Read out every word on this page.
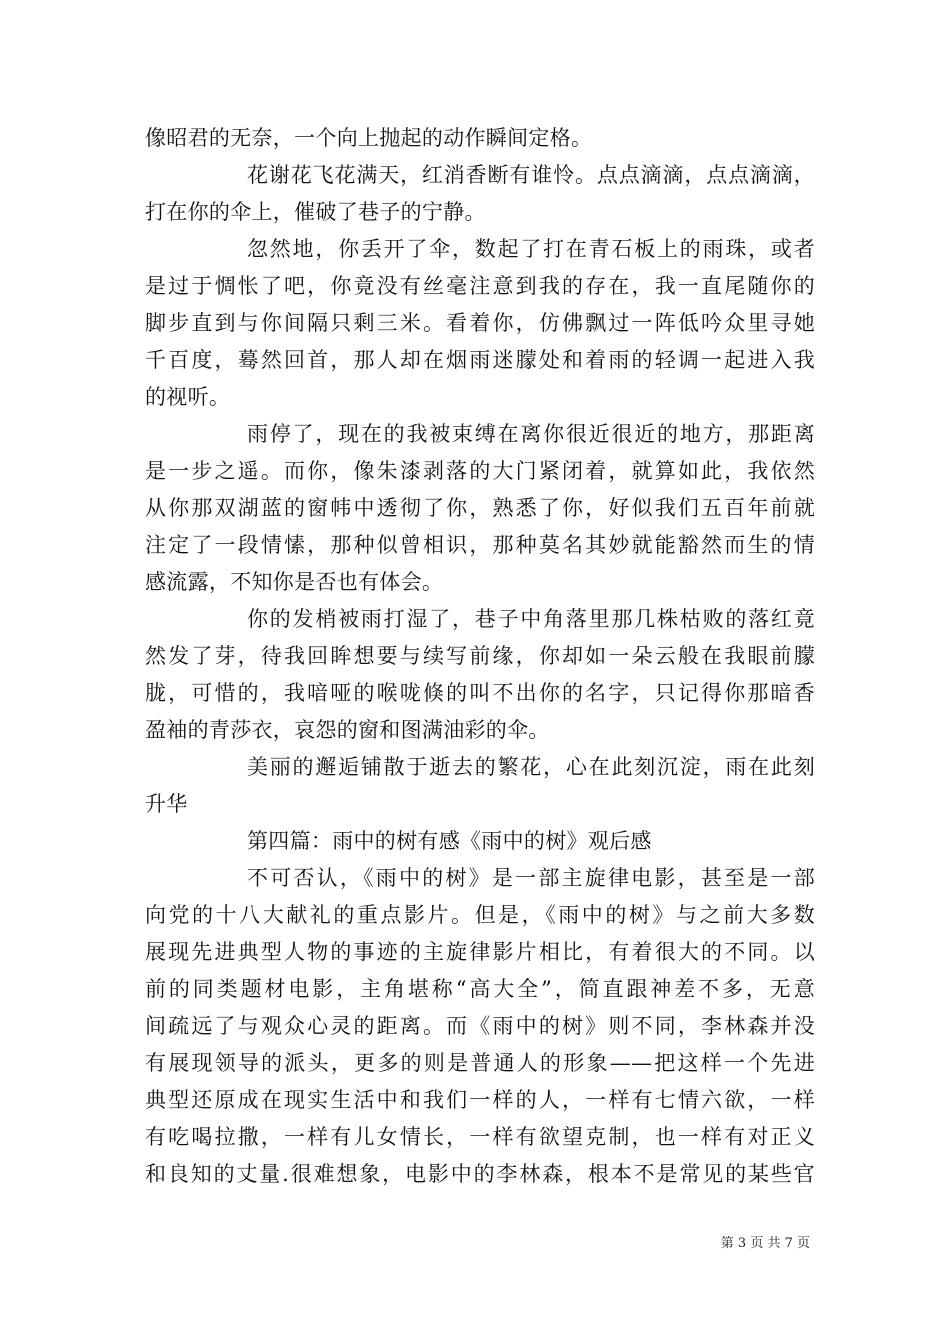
像昭君的无奈，一个向上抛起的动作瞬间定格。
花谢花飞花满天，红消香断有谁怜。点点滴滴，点点滴滴，
打在你的伞上，催破了巷子的宁静。
忽然地，你丢开了伞，数起了打在青石板上的雨珠，或者
是过于惆怅了吧，你竟没有丝毫注意到我的存在，我一直尾随你的
脚步直到与你间隔只剩三米。看着你，仿佛飘过一阵低吟众里寻她
千百度，蓦然回首，那人却在烟雨迷朦处和着雨的轻调一起进入我
的视听。
雨停了，现在的我被束缚在离你很近很近的地方，那距离
是一步之遥。而你，像朱漆剥落的大门紧闭着，就算如此，我依然
从你那双湖蓝的窗帏中透彻了你，熟悉了你，好似我们五百年前就
注定了一段情愫，那种似曾相识，那种莫名其妙就能豁然而生的情
感流露，不知你是否也有体会。
你的发梢被雨打湿了，巷子中角落里那几株枯败的落红竟
然发了芽，待我回眸想要与续写前缘，你却如一朵云般在我眼前朦
胧，可惜的，我喑哑的喉咙倏的叫不出你的名字，只记得你那暗香
盈袖的青莎衣，哀怨的窗和图满油彩的伞。
美丽的邂逅铺散于逝去的繁花，心在此刻沉淀，雨在此刻
升华
第四篇：雨中的树有感《雨中的树》观后感
不可否认，《雨中的树》是一部主旋律电影，甚至是一部
向党的十八大献礼的重点影片。但是，《雨中的树》与之前大多数
展现先进典型人物的事迹的主旋律影片相比，有着很大的不同。以
前的同类题材电影，主角堪称“高大全”，简直跟神差不多，无意
间疏远了与观众心灵的距离。而《雨中的树》则不同，李林森并没
有展现领导的派头，更多的则是普通人的形象——把这样一个先进
典型还原成在现实生活中和我们一样的人，一样有七情六欲，一样
有吃喝拉撒，一样有儿女情长，一样有欲望克制，也一样有对正义
和良知的丈量.很难想象，电影中的李林森，根本不是常见的某些官
第 3 页 共 7 页
